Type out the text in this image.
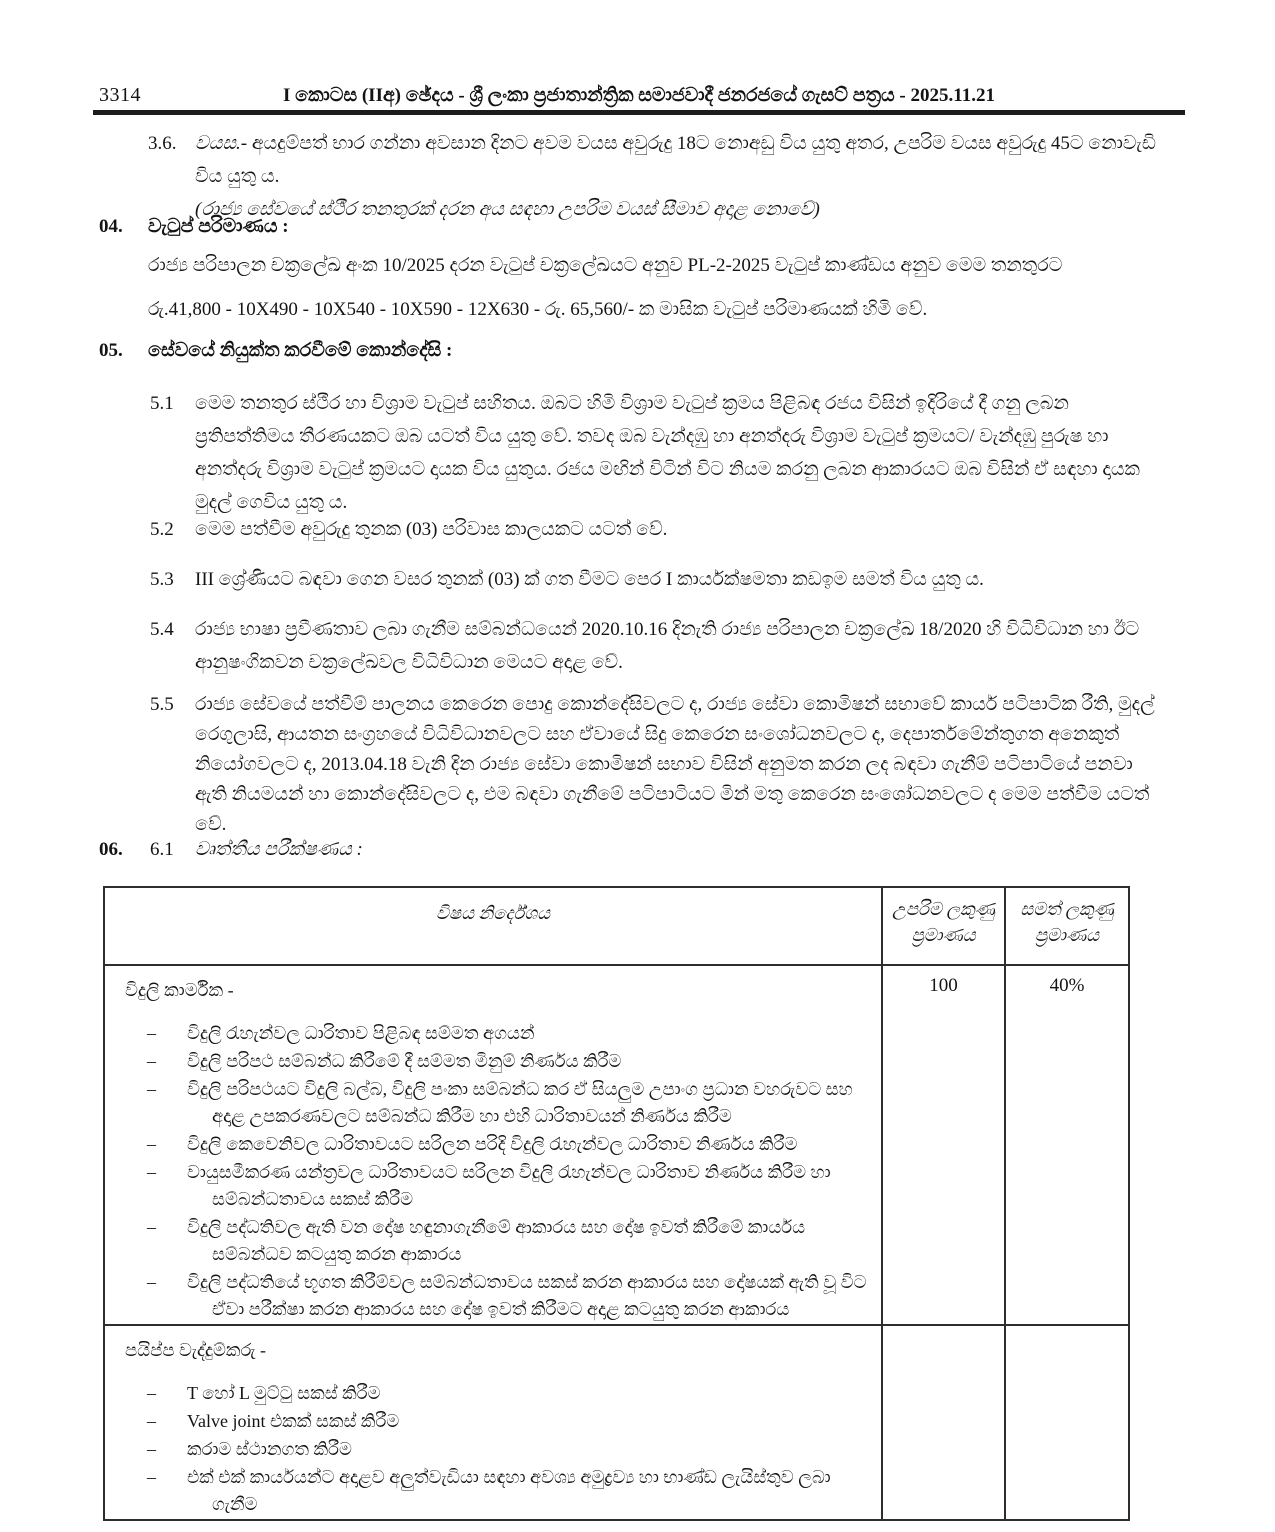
3314	I කොටස (IIඅ) ඡේදය - ශ්‍රී ලංකා ප්‍රජාතාන්ත්‍රික සමාජවාදී ජනරජයේ ගැසට් පත්‍රය - 2025.11.21
3.6. වයස.- අයදුම්පත් භාර ගන්නා අවසාන දිනට අවම වයස අවුරුදු 18ට නොඅඩු විය යුතු අතර, උපරිම වයස අවුරුදු 45ට නොවැඩි විය යුතු ය.
(රාජ්‍ය සේවයේ ස්ථීර තනතුරක් දරන අය සඳහා උපරිම වයස් සීමාව අදාළ නොවේ)
04. වැටුප් පරිමාණය :
රාජ්‍ය පරිපාලන චක්‍රලේඛ අංක 10/2025 දරන වැටුප් චක්‍රලේඛයට අනුව PL-2-2025 වැටුප් කාණ්ඩය අනුව මෙම තනතුරට
රු.41,800 - 10X490 - 10X540 - 10X590 - 12X630 - රු. 65,560/- ක මාසික වැටුප් පරිමාණයක් හිමි වේ.
05. සේවයේ නියුක්ත කරවීමේ කොන්දේසි :
5.1 මෙම තනතුර ස්ථීර හා විශ්‍රාම වැටුප් සහිතය. ඔබට හිමි විශ්‍රාම වැටුප් ක්‍රමය පිළිබඳ රජය විසින් ඉදිරියේ දී ගනු ලබන ප්‍රතිපත්තිමය තීරණයකට ඔබ යටත් විය යුතු වේ. තවද ඔබ වැන්දඹු හා අනත්දරු විශ්‍රාම වැටුප් ක්‍රමයට/ වැන්දඹු පුරුෂ හා අනත්දරු විශ්‍රාම වැටුප් ක්‍රමයට දායක විය යුතුය. රජය මඟින් විටින් විට නියම කරනු ලබන ආකාරයට ඔබ විසින් ඒ සඳහා දායක මුදල් ගෙවිය යුතු ය.
5.2 මෙම පත්වීම අවුරුදු තුනක (03) පරිවාස කාලයකට යටත් වේ.
5.3 III ශ්‍රේණියට බඳවා ගෙන වසර තුනක් (03) ක් ගත වීමට පෙර I කාර්යක්ෂමතා කඩඉම සමත් විය යුතු ය.
5.4 රාජ්‍ය භාෂා ප්‍රවීණතාව ලබා ගැනීම සම්බන්ධයෙන් 2020.10.16 දිනැති රාජ්‍ය පරිපාලන චක්‍රලේඛ 18/2020 හි විධිවිධාන හා ඊට ආනුෂංගිකවන චක්‍රලේඛවල විධිවිධාන මෙයට අදාළ වේ.
5.5 රාජ්‍ය සේවයේ පත්වීම් පාලනය කෙරෙන පොදු කොන්දේසිවලට ද, රාජ්‍ය සේවා කොමිෂන් සභාවේ කාර්ය පටිපාටික රීති, මුදල් රෙගුලාසි, ආයතන සංග්‍රහයේ විධිවිධානවලට සහ ඒවායේ සිදු කෙරෙන සංශෝධනවලට ද, දෙපාර්තමේන්තුගත අනෙකුත් නියෝගවලට ද, 2013.04.18 වැනි දින රාජ්‍ය සේවා කොමිෂන් සභාව විසින් අනුමත කරන ලද බඳවා ගැනීම් පටිපාටියේ පනවා ඇති නියමයන් හා කොන්දේසිවලට ද, එම බඳවා ගැනීමේ පටිපාටියට මින් මතු කෙරෙන සංශෝධනවලට ද මෙම පත්වීම යටත් වේ.
06. 6.1 වෘත්තීය පරීක්ෂණය :
විෂය නිර්දේශය	උපරිම ලකුණු ප්‍රමාණය	සමත් ලකුණු ප්‍රමාණය

විදුලි කාර්මික -
–	විදුලි රැහැන්වල ධාරිතාව පිළිබඳ සම්මත අගයන්
–	විදුලි පරිපථ සම්බන්ධ කිරීමේ දී සම්මත මිනුම් නිර්ණය කිරීම
–	විදුලි පරිපථයට විදුලි බල්බ, විදුලි පංකා සම්බන්ධ කර ඒ සියලුම උපාංග ප්‍රධාන වහරුවට සහ අදාළ උපකරණවලට සම්බන්ධ කිරීම හා එහි ධාරිතාවයන් නිර්ණය කිරීම
–	විදුලි කෙවෙනිවල ධාරිතාවයට සරිලන පරිදි විදුලි රැහැන්වල ධාරිතාව නිර්ණය කිරීම
–	වායුසමීකරණ යන්ත්‍රවල ධාරිතාවයට සරිලන විදුලි රැහැන්වල ධාරිතාව නිර්ණය කිරීම හා සම්බන්ධතාවය සකස් කිරීම
–	විදුලි පද්ධතිවල ඇති වන දෝෂ හඳුනාගැනීමේ ආකාරය සහ දෝෂ ඉවත් කිරීමේ කාර්යය සම්බන්ධව කටයුතු කරන ආකාරය
–	විදුලි පද්ධතියේ භූගත කිරීම්වල සම්බන්ධතාවය සකස් කරන ආකාරය සහ දෝෂයක් ඇති වූ විට ඒවා පරීක්ෂා කරන ආකාරය සහ දෝෂ ඉවත් කිරීමට අදාළ කටයුතු කරන ආකාරය
	100	40%

පයිප්ප වැද්දුම්කරු -
–	T හෝ L මුට්ටු සකස් කිරීම
–	Valve joint එකක් සකස් කිරීම
–	කරාම ස්ථානගත කිරීම
–	එක් එක් කාර්යයන්ට අදාළව අලුත්වැඩියා සඳහා අවශ්‍ය අමුද්‍රව්‍ය හා භාණ්ඩ ලැයිස්තුව ලබා ගැනීම
